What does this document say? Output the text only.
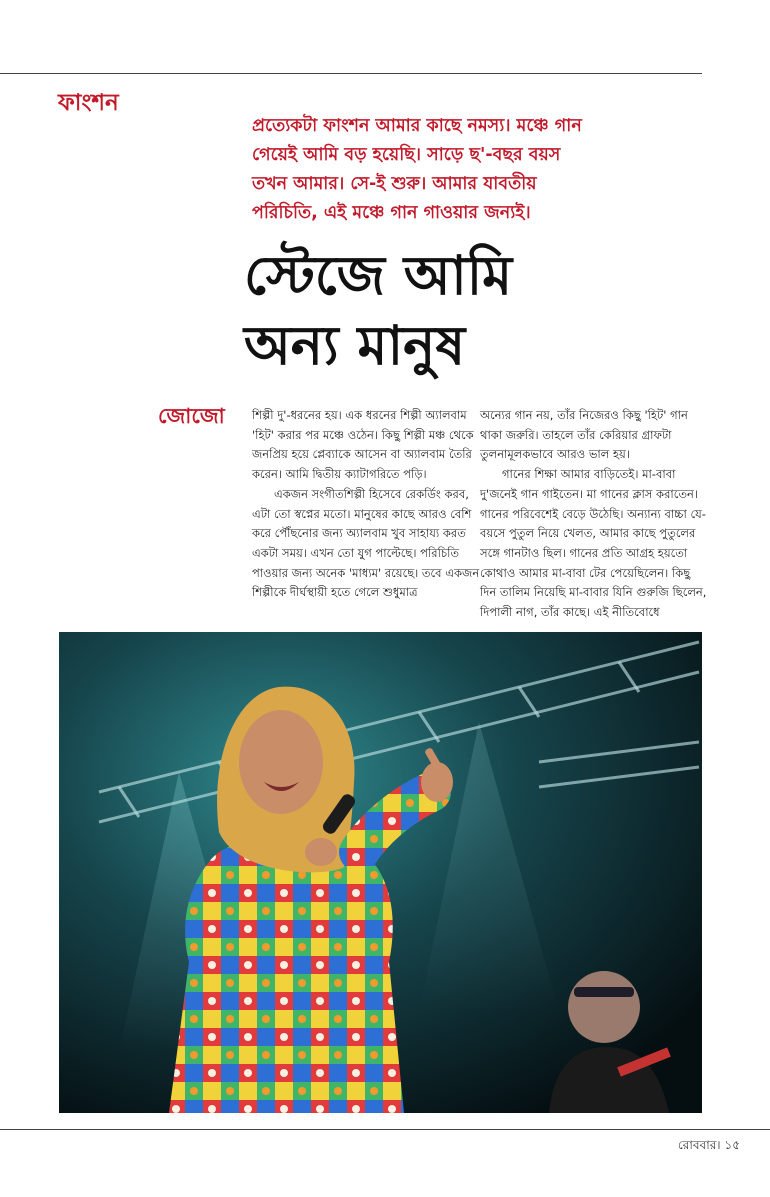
ফাংশন
প্রত্যেকটা ফাংশন আমার কাছে নমস্য। মঞ্চে গান
গেয়েই আমি বড় হয়েছি। সাড়ে ছ'-বছর বয়স
তখন আমার। সে-ই শুরু। আমার যাবতীয়
পরিচিতি, এই মঞ্চে গান গাওয়ার জন্যই।
স্টেজে আমি
অন্য মানুষ
জোজো শিল্পী দু'-ধরনের হয়। এক ধরনের শিল্পী অ্যালবাম 'হিট' করার পর মঞ্চে ওঠেন। কিছু শিল্পী মঞ্চ থেকে জনপ্রিয় হয়ে প্লেব্যাকে আসেন বা অ্যালবাম তৈরি করেন। আমি দ্বিতীয় ক্যাটাগরিতে পড়ি।

একজন সংগীতশিল্পী হিসেবে রেকর্ডিং করব, এটা তো স্বপ্নের মতো। মানুষের কাছে আরও বেশি করে পৌঁছনোর জন্য অ্যালবাম খুব সাহায্য করত একটা সময়। এখন তো যুগ পাল্টেছে। পরিচিতি পাওয়ার জন্য অনেক 'মাধ্যম' রয়েছে। তবে একজন শিল্পীকে দীর্ঘস্থায়ী হতে গেলে শুধুমাত্র

অন্যের গান নয়, তাঁর নিজেরও কিছু 'হিট' গান থাকা জরুরি। তাহলে তাঁর কেরিয়ার গ্রাফটা তুলনামূলকভাবে আরও ভাল হয়।

গানের শিক্ষা আমার বাড়িতেই। মা-বাবা দু'জনেই গান গাইতেন। মা গানের ক্লাস করাতেন। গানের পরিবেশেই বেড়ে উঠেছি। অন্যান্য বাচ্চা যে-বয়সে পুতুল নিয়ে খেলত, আমার কাছে পুতুলের সঙ্গে গানটাও ছিল। গানের প্রতি আগ্রহ হয়তো কোথাও আমার মা-বাবা টের পেয়েছিলেন। কিছু দিন তালিম নিয়েছি মা-বাবার যিনি গুরুজি ছিলেন, দিপালী নাগ, তাঁর কাছে। এই নীতিবোধে

রোববার। ১৫
